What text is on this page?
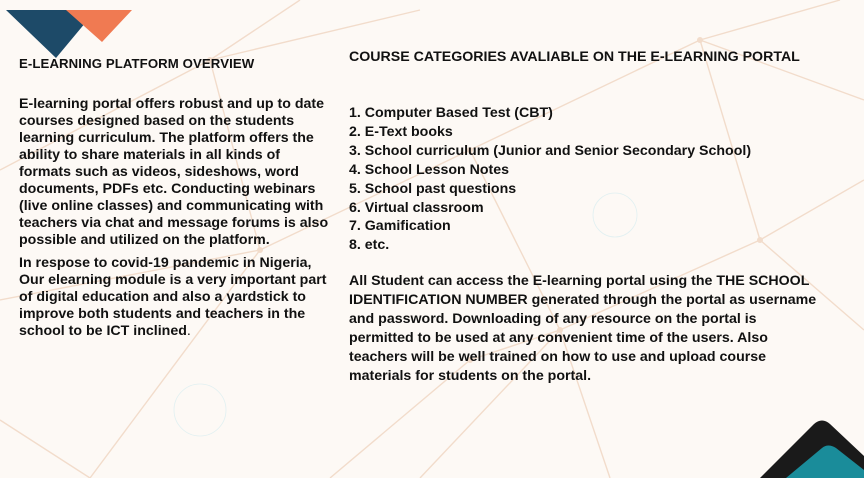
E-LEARNING PLATFORM OVERVIEW

E-learning portal offers robust and up to date courses designed based on the students learning curriculum. The platform offers the ability to share materials in all kinds of formats such as videos, sideshows, word documents, PDFs etc. Conducting webinars (live online classes) and communicating with teachers via chat and message forums is also possible and utilized on the platform.

In respose to covid-19 pandemic in Nigeria, Our elearning module is a very important part of digital education and also a yardstick to improve both students and teachers in the school to be ICT inclined.

COURSE CATEGORIES AVALIABLE ON THE E-LEARNING PORTAL
1. Computer Based Test (CBT)
2. E-Text books
3. School curriculum (Junior and Senior Secondary School)
4. School Lesson Notes
5. School past questions
6. Virtual classroom
7. Gamification
8. etc.
All Student can access the E-learning portal using the THE SCHOOL IDENTIFICATION NUMBER generated through the portal as username and password. Downloading of any resource on the portal is permitted to be used at any convenient time of the users. Also teachers will be well trained on how to use and upload course materials for students on the portal.
